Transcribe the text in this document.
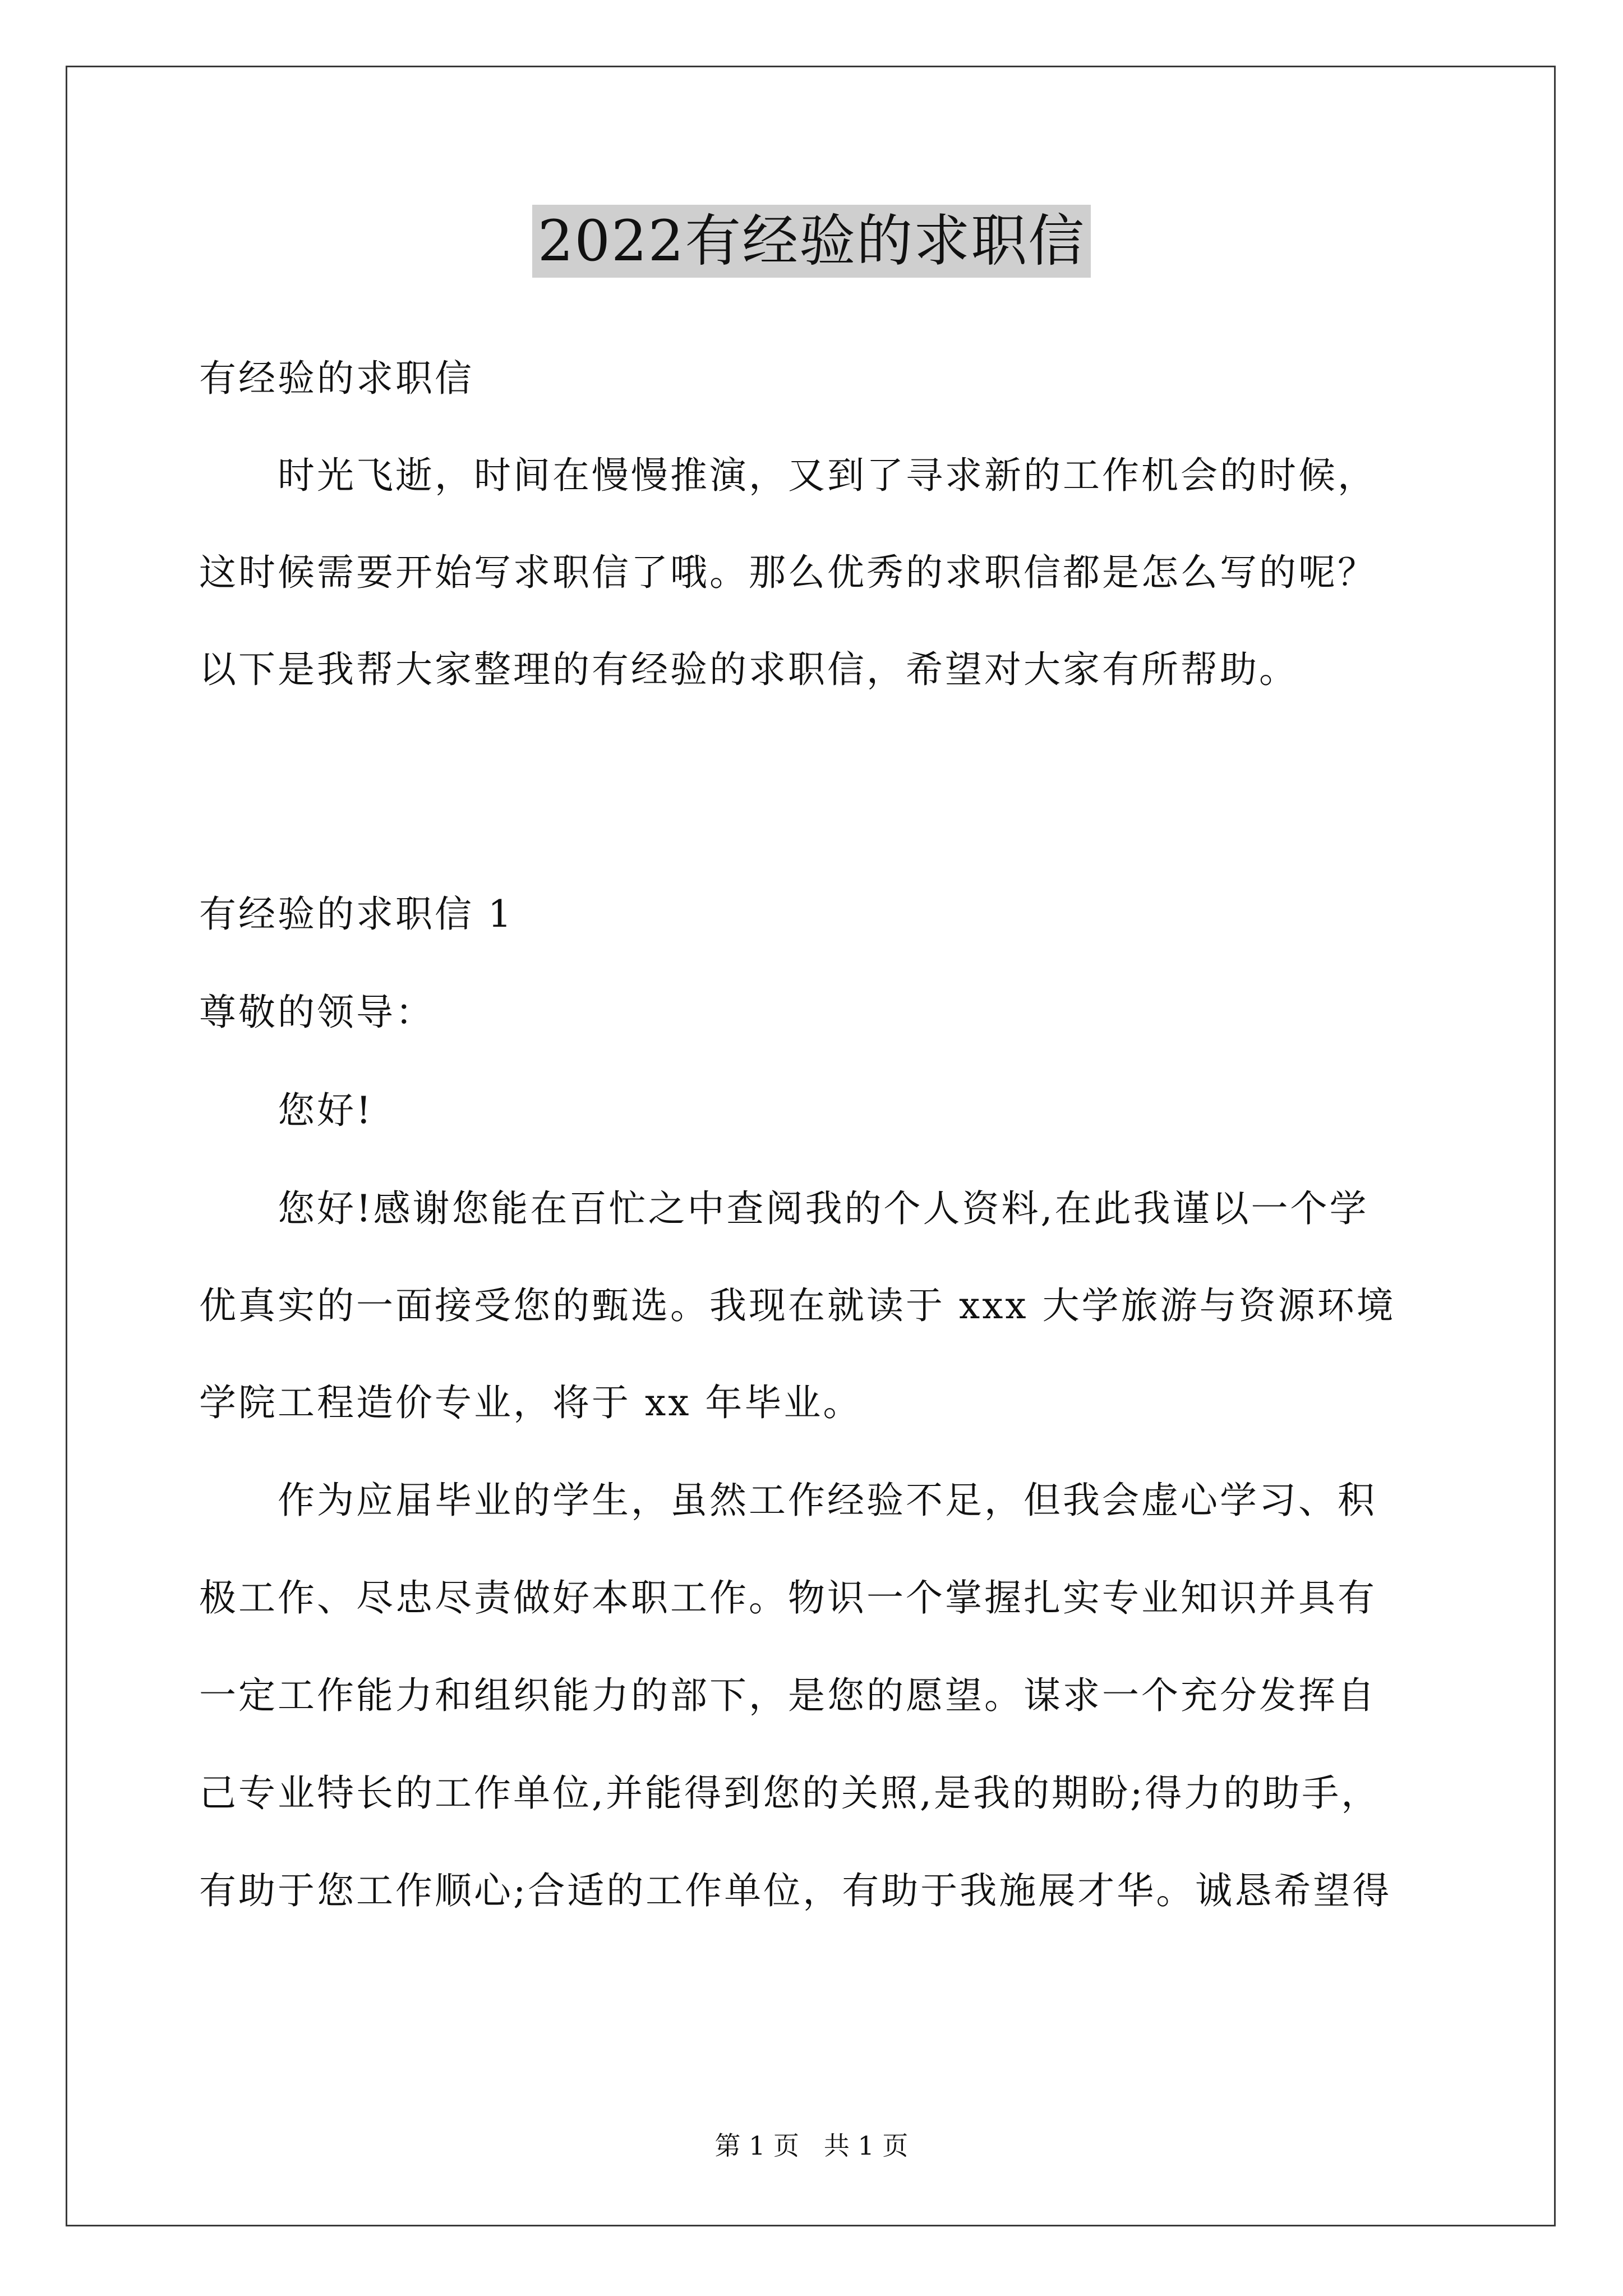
2022有经验的求职信
有经验的求职信
时光飞逝，时间在慢慢推演，又到了寻求新的工作机会的时候，
这时候需要开始写求职信了哦。那么优秀的求职信都是怎么写的呢？
以下是我帮大家整理的有经验的求职信，希望对大家有所帮助。
有经验的求职信 1
尊敬的领导：
您好!
您好!感谢您能在百忙之中查阅我的个人资料,在此我谨以一个学
优真实的一面接受您的甄选。我现在就读于 xxx 大学旅游与资源环境
学院工程造价专业，将于 xx 年毕业。
作为应届毕业的学生，虽然工作经验不足，但我会虚心学习、积
极工作、尽忠尽责做好本职工作。物识一个掌握扎实专业知识并具有
一定工作能力和组织能力的部下，是您的愿望。谋求一个充分发挥自
己专业特长的工作单位,并能得到您的关照,是我的期盼;得力的助手，
有助于您工作顺心;合适的工作单位，有助于我施展才华。诚恳希望得
第 1 页   共 1 页
